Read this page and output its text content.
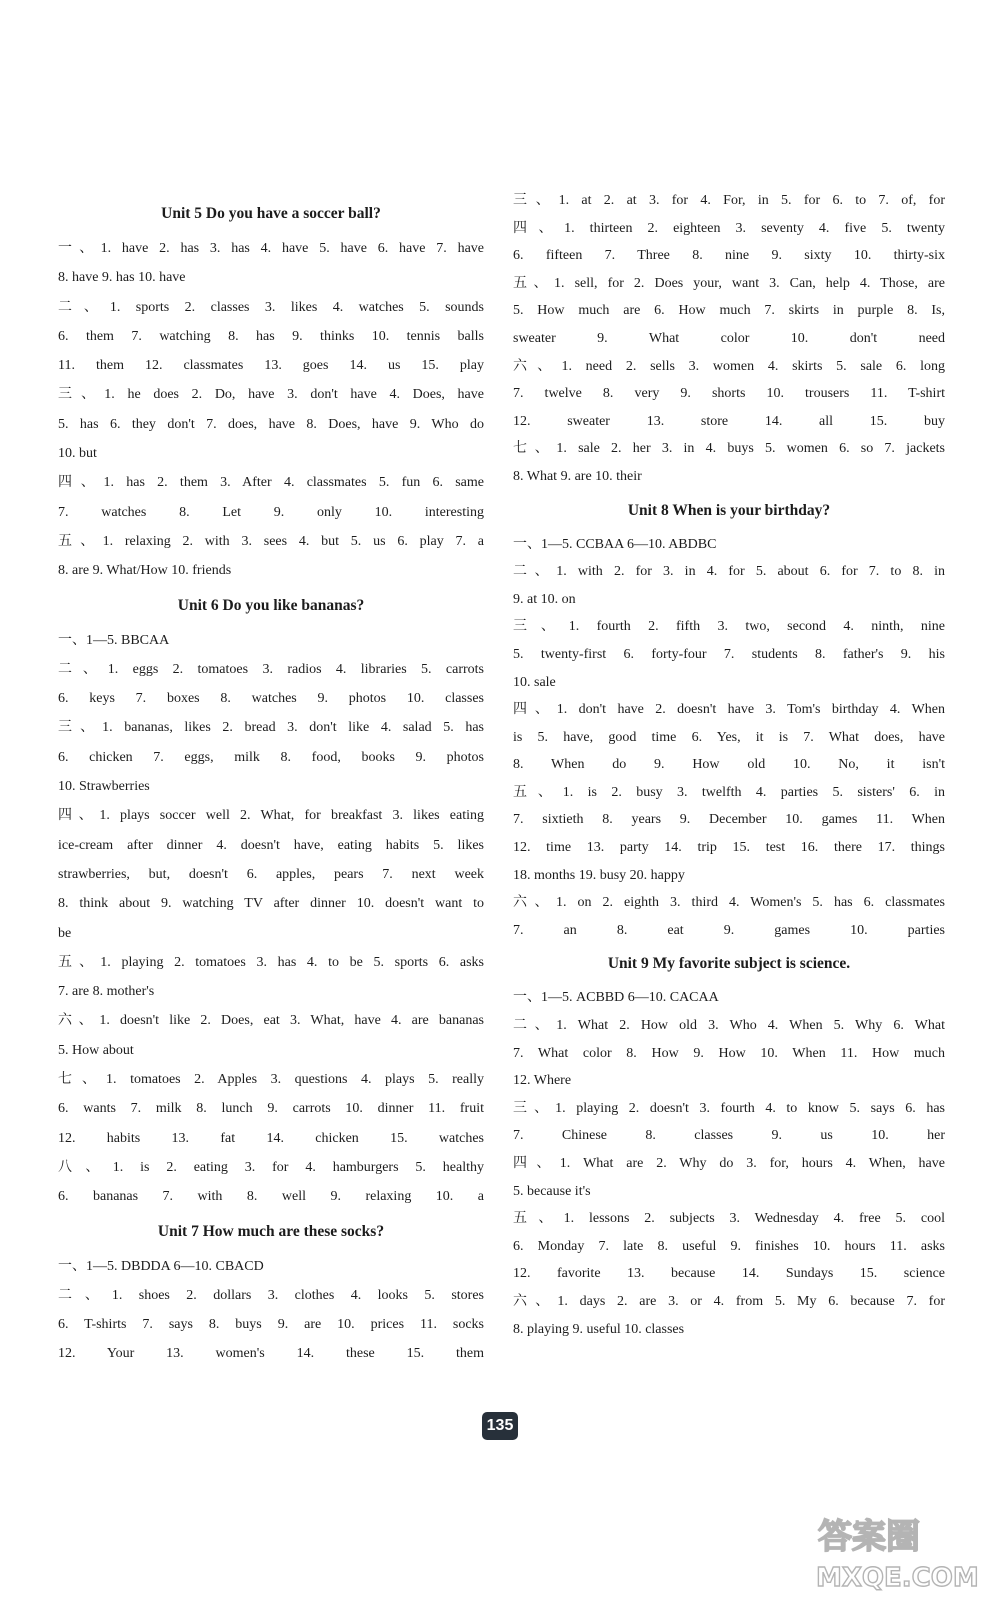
Unit 5 Do you have a soccer ball?
一、1. have 2. has 3. has 4. have 5. have 6. have 7. have
8. have 9. has 10. have
二、1. sports 2. classes 3. likes 4. watches 5. sounds
6. them 7. watching 8. has 9. thinks 10. tennis balls
11. them 12. classmates 13. goes 14. us 15. play
三、1. he does 2. Do, have 3. don't have 4. Does, have
5. has 6. they don't 7. does, have 8. Does, have 9. Who do
10. but
四、1. has 2. them 3. After 4. classmates 5. fun 6. same
7. watches 8. Let 9. only 10. interesting
五、1. relaxing 2. with 3. sees 4. but 5. us 6. play 7. a
8. are 9. What/How 10. friends
Unit 6 Do you like bananas?
一、1—5. BBCAA
二、1. eggs 2. tomatoes 3. radios 4. libraries 5. carrots
6. keys 7. boxes 8. watches 9. photos 10. classes
三、1. bananas, likes 2. bread 3. don't like 4. salad 5. has
6. chicken 7. eggs, milk 8. food, books 9. photos
10. Strawberries
四、1. plays soccer well 2. What, for breakfast 3. likes eating
ice-cream after dinner 4. doesn't have, eating habits 5. likes
strawberries, but, doesn't 6. apples, pears 7. next week
8. think about 9. watching TV after dinner 10. doesn't want to
be
五、1. playing 2. tomatoes 3. has 4. to be 5. sports 6. asks
7. are 8. mother's
六、1. doesn't like 2. Does, eat 3. What, have 4. are bananas
5. How about
七、1. tomatoes 2. Apples 3. questions 4. plays 5. really
6. wants 7. milk 8. lunch 9. carrots 10. dinner 11. fruit
12. habits 13. fat 14. chicken 15. watches
八、1. is 2. eating 3. for 4. hamburgers 5. healthy
6. bananas 7. with 8. well 9. relaxing 10. a
Unit 7 How much are these socks?
一、1—5. DBDDA 6—10. CBACD
二、1. shoes 2. dollars 3. clothes 4. looks 5. stores
6. T-shirts 7. says 8. buys 9. are 10. prices 11. socks
12. Your 13. women's 14. these 15. them
三、1. at 2. at 3. for 4. For, in 5. for 6. to 7. of, for
四、1. thirteen 2. eighteen 3. seventy 4. five 5. twenty
6. fifteen 7. Three 8. nine 9. sixty 10. thirty-six
五、1. sell, for 2. Does your, want 3. Can, help 4. Those, are
5. How much are 6. How much 7. skirts in purple 8. Is,
sweater 9. What color 10. don't need
六、1. need 2. sells 3. women 4. skirts 5. sale 6. long
7. twelve 8. very 9. shorts 10. trousers 11. T-shirt
12. sweater 13. store 14. all 15. buy
七、1. sale 2. her 3. in 4. buys 5. women 6. so 7. jackets
8. What 9. are 10. their
Unit 8 When is your birthday?
一、1—5. CCBAA 6—10. ABDBC
二、1. with 2. for 3. in 4. for 5. about 6. for 7. to 8. in
9. at 10. on
三、1. fourth 2. fifth 3. two, second 4. ninth, nine
5. twenty-first 6. forty-four 7. students 8. father's 9. his
10. sale
四、1. don't have 2. doesn't have 3. Tom's birthday 4. When
is 5. have, good time 6. Yes, it is 7. What does, have
8. When do 9. How old 10. No, it isn't
五、1. is 2. busy 3. twelfth 4. parties 5. sisters' 6. in
7. sixtieth 8. years 9. December 10. games 11. When
12. time 13. party 14. trip 15. test 16. there 17. things
18. months 19. busy 20. happy
六、1. on 2. eighth 3. third 4. Women's 5. has 6. classmates
7. an 8. eat 9. games 10. parties
Unit 9 My favorite subject is science.
一、1—5. ACBBD 6—10. CACAA
二、1. What 2. How old 3. Who 4. When 5. Why 6. What
7. What color 8. How 9. How 10. When 11. How much
12. Where
三、1. playing 2. doesn't 3. fourth 4. to know 5. says 6. has
7. Chinese 8. classes 9. us 10. her
四、1. What are 2. Why do 3. for, hours 4. When, have
5. because it's
五、1. lessons 2. subjects 3. Wednesday 4. free 5. cool
6. Monday 7. late 8. useful 9. finishes 10. hours 11. asks
12. favorite 13. because 14. Sundays 15. science
六、1. days 2. are 3. or 4. from 5. My 6. because 7. for
8. playing 9. useful 10. classes
135
答案圈
MXQE.COM
